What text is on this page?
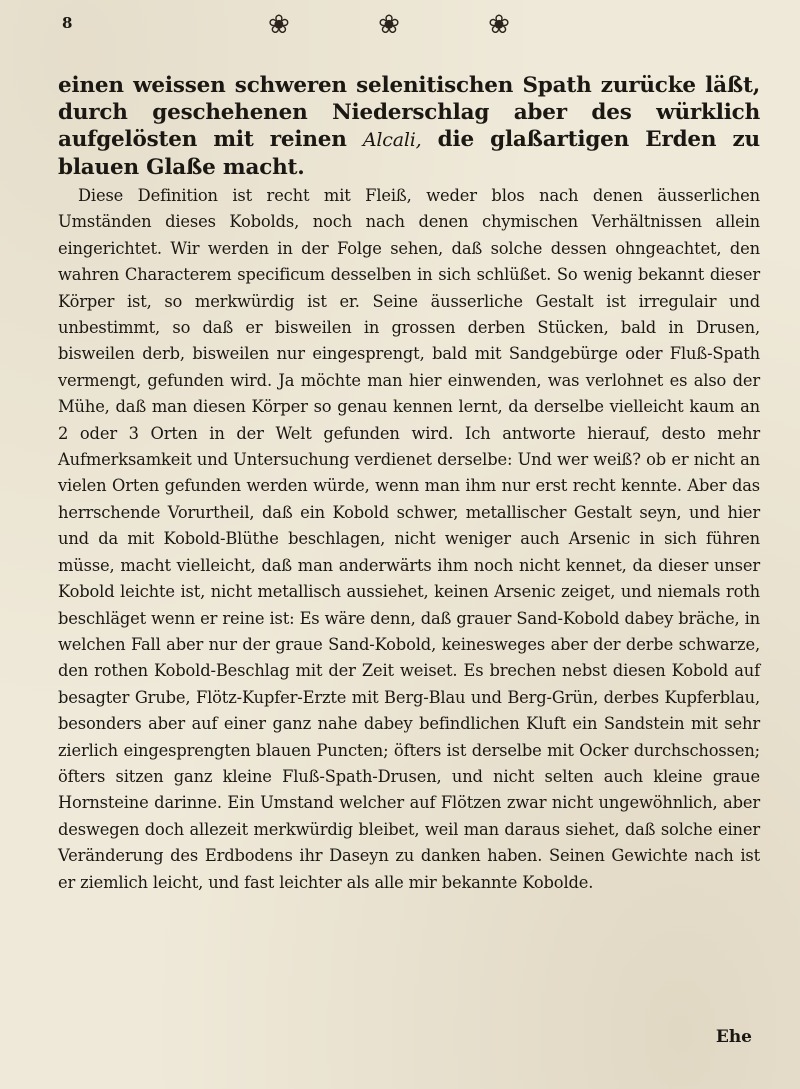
8	❀ ❀ ❀

einen weissen schweren selenitischen Spath zurücke läßt, durch geschehenen Niederschlag aber des würklich aufgelösten mit reinen Alcali, die glaßartigen Erden zu blauen Glaße macht.

Diese Definition ist recht mit Fleiß, weder blos nach denen äusserlichen Umständen dieses Kobolds, noch nach denen chymischen Verhältnissen allein eingerichtet. Wir werden in der Folge sehen, daß solche dessen ohngeachtet, den wahren Characterem specificum desselben in sich schlüßet. So wenig bekannt dieser Körper ist, so merkwürdig ist er. Seine äusserliche Gestalt ist irregulair und unbestimmt, so daß er bisweilen in grossen derben Stücken, bald in Drusen, bisweilen derb, bisweilen nur eingesprengt, bald mit Sandgebürge oder Fluß-Spath vermengt, gefunden wird. Ja möchte man hier einwenden, was verlohnet es also der Mühe, daß man diesen Körper so genau kennen lernt, da derselbe vielleicht kaum an 2 oder 3 Orten in der Welt gefunden wird. Ich antworte hierauf, desto mehr Aufmerksamkeit und Untersuchung verdienet derselbe: Und wer weiß? ob er nicht an vielen Orten gefunden werden würde, wenn man ihm nur erst recht kennte. Aber das herrschende Vorurtheil, daß ein Kobold schwer, metallischer Gestalt seyn, und hier und da mit Kobold-Blüthe beschlagen, nicht weniger auch Arsenic in sich führen müsse, macht vielleicht, daß man anderwärts ihm noch nicht kennet, da dieser unser Kobold leichte ist, nicht metallisch aussiehet, keinen Arsenic zeiget, und niemals roth beschläget wenn er reine ist: Es wäre denn, daß grauer Sand-Kobold dabey bräche, in welchen Fall aber nur der graue Sand-Kobold, keinesweges aber der derbe schwarze, den rothen Kobold-Beschlag mit der Zeit weiset. Es brechen nebst diesen Kobold auf besagter Grube, Flötz-Kupfer-Erzte mit Berg-Blau und Berg-Grün, derbes Kupferblau, besonders aber auf einer ganz nahe dabey befindlichen Kluft ein Sandstein mit sehr zierlich eingesprengten blauen Puncten; öfters ist derselbe mit Ocker durchschossen; öfters sitzen ganz kleine Fluß-Spath-Drusen, und nicht selten auch kleine graue Hornsteine darinne. Ein Umstand welcher auf Flötzen zwar nicht ungewöhnlich, aber deswegen doch allezeit merkwürdig bleibet, weil man daraus siehet, daß solche einer Veränderung des Erdbodens ihr Daseyn zu danken haben. Seinen Gewichte nach ist er ziemlich leicht, und fast leichter als alle mir bekannte Kobolde.

Ehe
